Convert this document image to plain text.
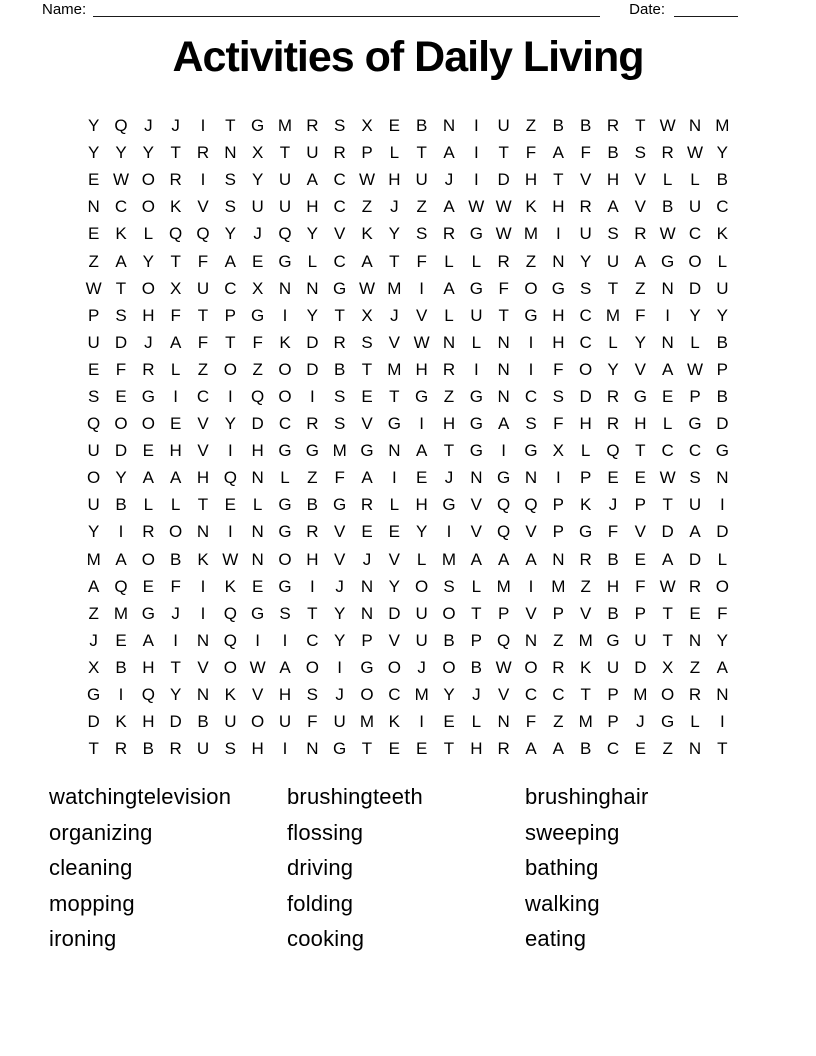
Name:	Date:
Activities of Daily Living
Y Q J	J	I	T G M R S X E B N	I	U Z B B R T W N M
Y Y Y T R N X T U R P L	T A	I	T F A F B S R W Y
E W O R	I	S Y U A C W H U J	I	D H T V H V L	L B
N C O K V S U U H C Z	J	Z A W W K H R A V B U C
E K L Q Q Y	J Q Y V K Y S R G W M	I	U S R W C K
Z A Y T F A E G L C A T F	L	L R Z N Y U A G O L
W T O X U C X N N G W M	I	A G F O G S T Z N D U
P S H F T P G	I	Y T X	J	V L U T G H C M F	I	Y Y
U D J	A F T F K D R S V W N L N	I	H C L Y N L B
E F R L	Z O Z O D B T M H R	I	N	I	F O Y V A W P
S E G	I	C	I	Q O	I	S E T G Z G N C S D R G E P B
Q O O E V Y D C R S V G	I	H G A S F H R H L G D
U D E H V	I	H G G M G N A T G	I	G X L Q T C C G
O Y A A H Q N L	Z F A	I	E	J N G N	I	P E E W S N
U B L	L	T E L G B G R L H G V Q Q P K	J	P T U	I
Y	I	R O N	I	N G R V E E Y	I	V Q V P G F V D A D
M A O B K W N O H V	J	V L M A A A N R B E A D L
A Q E F	I	K E G	I	J N Y O S L M	I	M Z H F W R O
Z M G J	I	Q G S T Y N D U O T P V P V B P T E F
J	E A	I	N Q	I	I	C Y P V U B P Q N Z M G U T N Y
X B H T V O W A O	I	G O J O B W O R K U D X Z A
G	I	Q Y N K V H S	J O C M Y	J	V C C T P M O R N
D K H D B U O U F U M K	I	E L N F Z M P	J G L	I
T R B R U S H	I	N G T E E T H R A A B C E Z N T
watchingtelevision
organizing
cleaning
mopping
ironing
brushingteeth
flossing
driving
folding
cooking
brushinghair
sweeping
bathing
walking
eating
